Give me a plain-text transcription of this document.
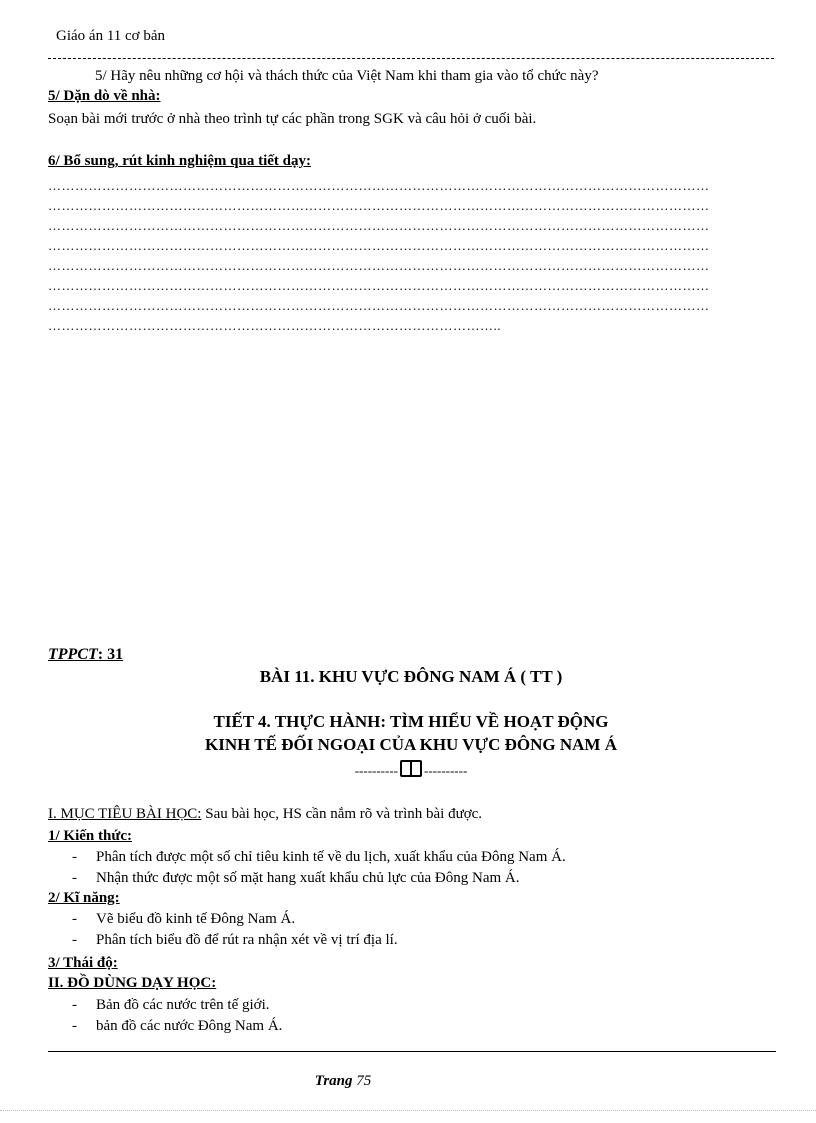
Giáo án 11 cơ bản
5/ Hãy nêu những cơ hội và thách thức của Việt Nam khi tham gia vào tổ chức này?
5/ Dặn dò về nhà:
Soạn bài mới trước ở nhà theo trình tự các phần trong SGK và câu hỏi ở cuối bài.
6/ Bổ sung, rút kinh nghiệm qua tiết dạy:
…………………………………………………………………………………………………………………………………
…………………………………………………………………………………………………………………………………
…………………………………………………………………………………………………………………………………
…………………………………………………………………………………………………………………………………
…………………………………………………………………………………………………………………………………
…………………………………………………………………………………………………………………………………
…………………………………………………………………………………………………………………………………
………………………………………………………………………………………..
TPPCT: 31
BÀI 11. KHU VỰC ĐÔNG NAM Á ( TT )
TIẾT 4. THỰC HÀNH: TÌM HIỂU VỀ HOẠT ĐỘNG
KINH TẾ ĐỐI NGOẠI CỦA KHU VỰC ĐÔNG NAM Á
---------- ----------
I. MỤC TIÊU BÀI HỌC: Sau bài học, HS cần nắm rõ và trình bài được.
1/ Kiến thức:
- Phân tích được một số chỉ tiêu kinh tế về du lịch, xuất khẩu của Đông Nam Á.
- Nhận thức được một số mặt hang xuất khẩu chủ lực của Đông Nam Á.
2/ Kĩ năng:
- Vẽ biểu đồ kinh tế Đông Nam Á.
- Phân tích biểu đồ để rút ra nhận xét về vị trí địa lí.
3/ Thái độ:
II. ĐỒ DÙNG DẠY HỌC:
- Bản đồ các nước trên tế giới.
- bản đồ các nước Đông Nam Á.
Trang 75
